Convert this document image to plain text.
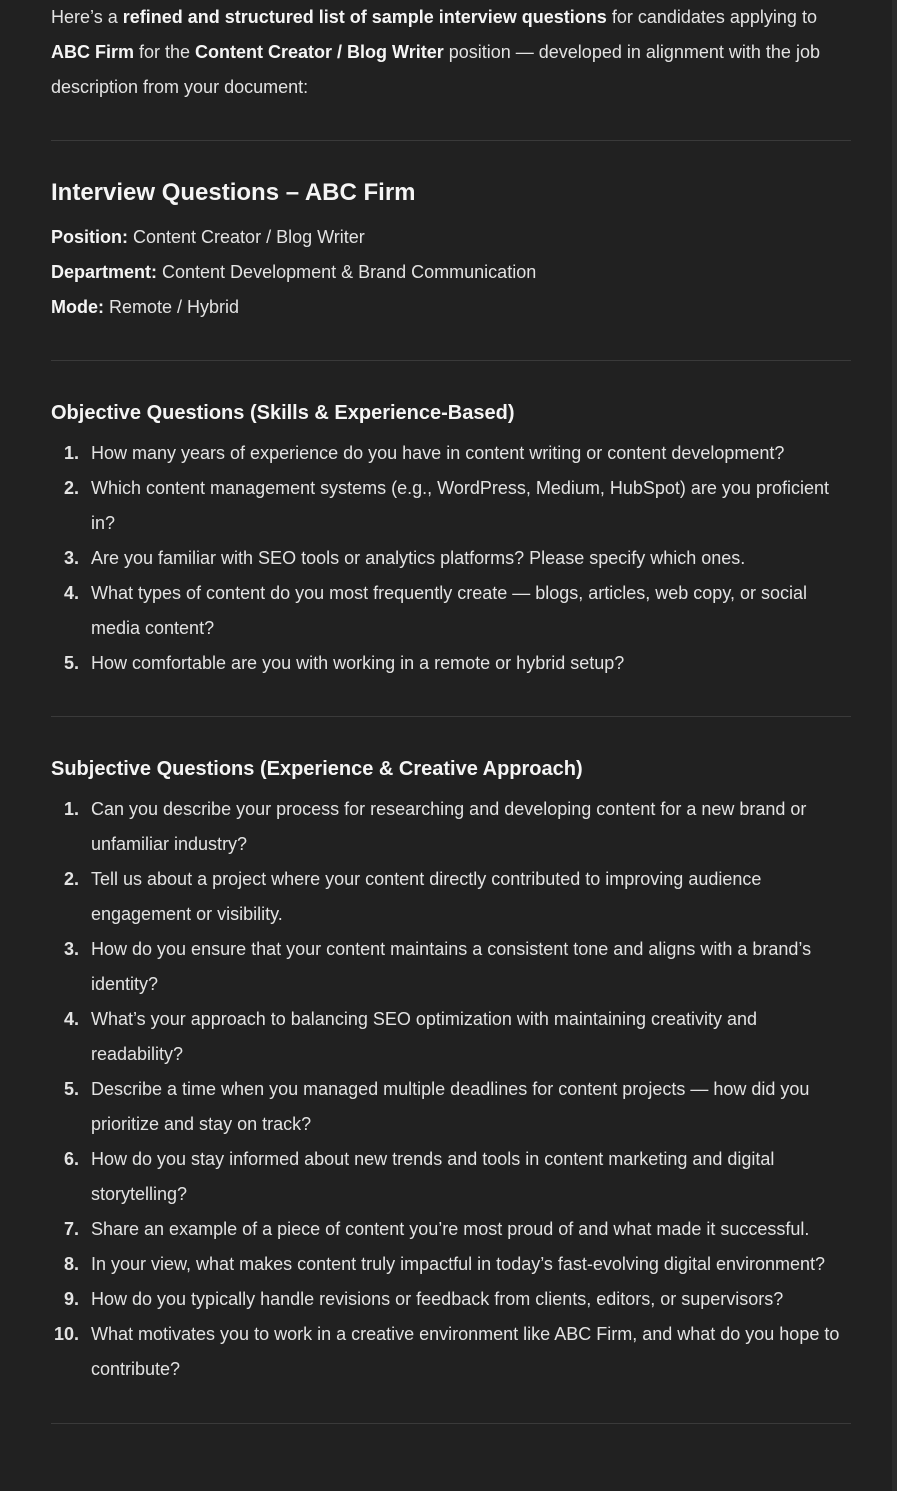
Here’s a refined and structured list of sample interview questions for candidates applying to ABC Firm for the Content Creator / Blog Writer position — developed in alignment with the job description from your document:

Interview Questions – ABC Firm

Position: Content Creator / Blog Writer

Department: Content Development & Brand Communication

Mode: Remote / Hybrid

Objective Questions (Skills & Experience-Based)
1. How many years of experience do you have in content writing or content development?
2. Which content management systems (e.g., WordPress, Medium, HubSpot) are you proficient in?
3. Are you familiar with SEO tools or analytics platforms? Please specify which ones.
4. What types of content do you most frequently create — blogs, articles, web copy, or social media content?
5. How comfortable are you with working in a remote or hybrid setup?
Subjective Questions (Experience & Creative Approach)
1. Can you describe your process for researching and developing content for a new brand or unfamiliar industry?
2. Tell us about a project where your content directly contributed to improving audience engagement or visibility.
3. How do you ensure that your content maintains a consistent tone and aligns with a brand’s identity?
4. What’s your approach to balancing SEO optimization with maintaining creativity and readability?
5. Describe a time when you managed multiple deadlines for content projects — how did you prioritize and stay on track?
6. How do you stay informed about new trends and tools in content marketing and digital storytelling?
7. Share an example of a piece of content you’re most proud of and what made it successful.
8. In your view, what makes content truly impactful in today’s fast-evolving digital environment?
9. How do you typically handle revisions or feedback from clients, editors, or supervisors?
10. What motivates you to work in a creative environment like ABC Firm, and what do you hope to contribute?
